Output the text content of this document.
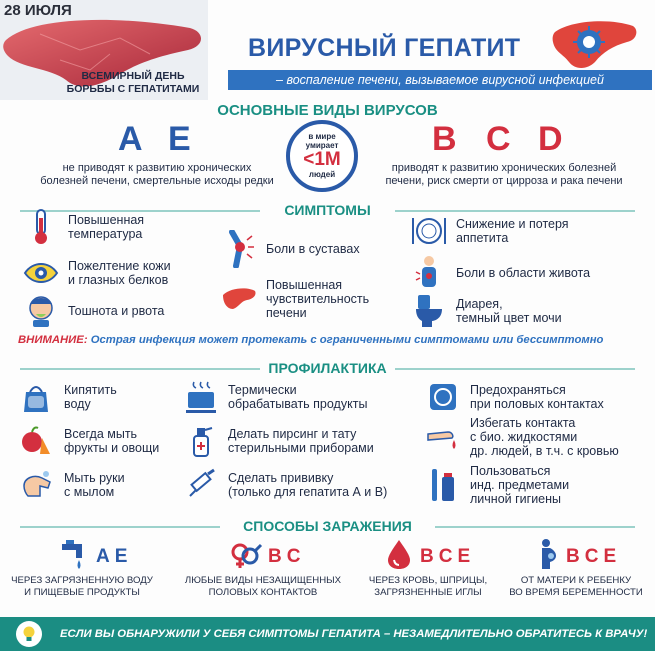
28 ИЮЛЯ
ВСЕМИРНЫЙ ДЕНЬ
БОРЬБЫ С ГЕПАТИТАМИ
ВИРУСНЫЙ ГЕПАТИТ
– воспаление печени, вызываемое вирусной инфекцией
ОСНОВНЫЕ ВИДЫ ВИРУСОВ
A E
не приводят к развитию хронических
болезней печени, смертельные исходы редки
в мире
умирает
<1M
людей
B C D
приводят к развитию хронических болезней
печени, риск смерти от цирроза и рака печени
СИМПТОМЫ
Повышенная
температура
Пожелтение кожи
и глазных белков
Тошнота и рвота
Боли в суставах
Повышенная
чувствительность
печени
Снижение и потеря
аппетита
Боли в области живота
Диарея,
темный цвет мочи
ВНИМАНИЕ: Острая инфекция может протекать с ограниченными симптомами или бессимптомно
ПРОФИЛАКТИКА
Кипятить
воду
Всегда мыть
фрукты и овощи
Мыть руки
с мылом
Термически
обрабатывать продукты
Делать пирсинг и тату
стерильными приборами
Сделать прививку
(только для гепатита А и В)
Предохраняться
при половых контактах
Избегать контакта
с био. жидкостями
др. людей, в т.ч. с кровью
Пользоваться
инд. предметами
личной гигиены
СПОСОБЫ ЗАРАЖЕНИЯ
AE
ЧЕРЕЗ ЗАГРЯЗНЕННУЮ ВОДУ
И ПИЩЕВЫЕ ПРОДУКТЫ
BC
ЛЮБЫЕ ВИДЫ НЕЗАЩИЩЕННЫХ
ПОЛОВЫХ КОНТАКТОВ
BCE
ЧЕРЕЗ КРОВЬ, ШПРИЦЫ,
ЗАГРЯЗНЕННЫЕ ИГЛЫ
BCE
ОТ МАТЕРИ К РЕБЕНКУ
ВО ВРЕМЯ БЕРЕМЕННОСТИ
ЕСЛИ ВЫ ОБНАРУЖИЛИ У СЕБЯ СИМПТОМЫ ГЕПАТИТА – НЕЗАМЕДЛИТЕЛЬНО ОБРАТИТЕСЬ К ВРАЧУ!
